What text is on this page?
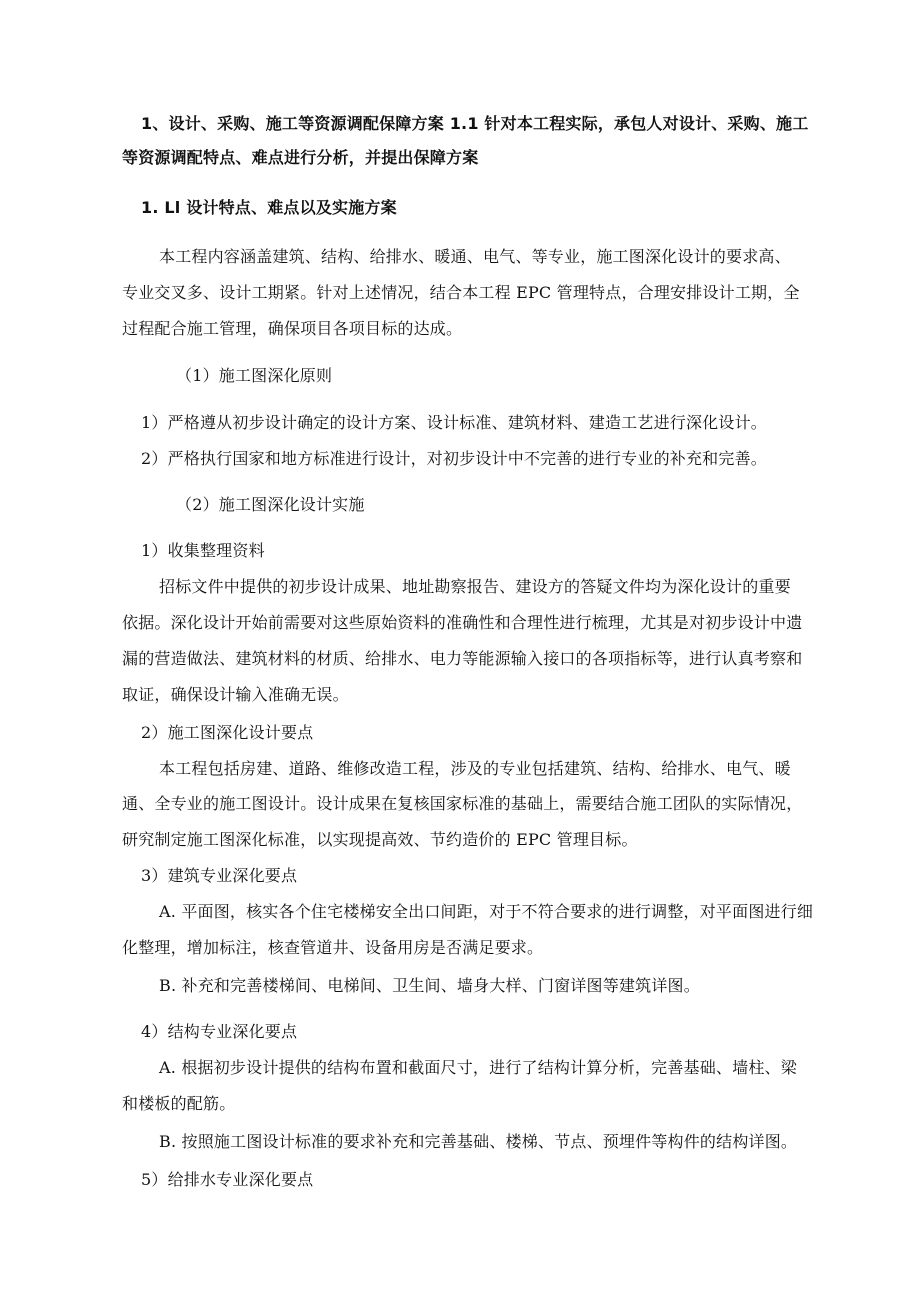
1、设计、采购、施工等资源调配保障方案 1.1 针对本工程实际，承包人对设计、采购、施工
等资源调配特点、难点进行分析，并提出保障方案
1. Ll 设计特点、难点以及实施方案
本工程内容涵盖建筑、结构、给排水、暖通、电气、等专业，施工图深化设计的要求高、
专业交叉多、设计工期紧。针对上述情况，结合本工程 EPC 管理特点，合理安排设计工期，全
过程配合施工管理，确保项目各项目标的达成。
（1）施工图深化原则
1）严格遵从初步设计确定的设计方案、设计标准、建筑材料、建造工艺进行深化设计。
2）严格执行国家和地方标准进行设计，对初步设计中不完善的进行专业的补充和完善。
（2）施工图深化设计实施
1）收集整理资料
招标文件中提供的初步设计成果、地址勘察报告、建设方的答疑文件均为深化设计的重要
依据。深化设计开始前需要对这些原始资料的准确性和合理性进行梳理，尤其是对初步设计中遗
漏的营造做法、建筑材料的材质、给排水、电力等能源输入接口的各项指标等，进行认真考察和
取证，确保设计输入准确无误。
2）施工图深化设计要点
本工程包括房建、道路、维修改造工程，涉及的专业包括建筑、结构、给排水、电气、暖
通、全专业的施工图设计。设计成果在复核国家标准的基础上，需要结合施工团队的实际情况，
研究制定施工图深化标准，以实现提高效、节约造价的 EPC 管理目标。
3）建筑专业深化要点
A. 平面图，核实各个住宅楼梯安全出口间距，对于不符合要求的进行调整，对平面图进行细
化整理，增加标注，核查管道井、设备用房是否满足要求。
B. 补充和完善楼梯间、电梯间、卫生间、墙身大样、门窗详图等建筑详图。
4）结构专业深化要点
A. 根据初步设计提供的结构布置和截面尺寸，进行了结构计算分析，完善基础、墙柱、梁
和楼板的配筋。
B. 按照施工图设计标准的要求补充和完善基础、楼梯、节点、预埋件等构件的结构详图。
5）给排水专业深化要点
